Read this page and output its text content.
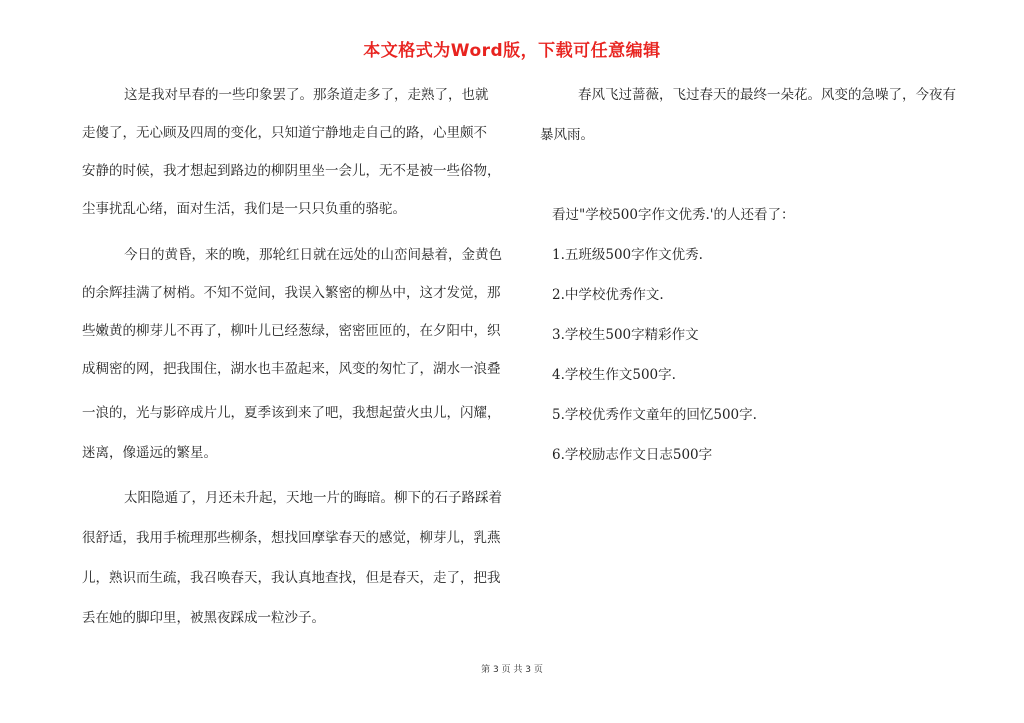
本文格式为Word版，下载可任意编辑
这是我对早春的一些印象罢了。那条道走多了，走熟了，也就
走傻了，无心顾及四周的变化，只知道宁静地走自己的路，心里颇不
安静的时候，我才想起到路边的柳阴里坐一会儿，无不是被一些俗物，
尘事扰乱心绪，面对生活，我们是一只只负重的骆驼。
今日的黄昏，来的晚，那轮红日就在远处的山峦间悬着，金黄色
的余辉挂满了树梢。不知不觉间，我误入繁密的柳丛中，这才发觉，那
些嫩黄的柳芽儿不再了，柳叶儿已经葱绿，密密匝匝的，在夕阳中，织
成稠密的网，把我围住，湖水也丰盈起来，风变的匆忙了，湖水一浪叠
一浪的，光与影碎成片儿，夏季该到来了吧，我想起萤火虫儿，闪耀，
迷离，像遥远的繁星。
太阳隐遁了，月还未升起，天地一片的晦暗。柳下的石子路踩着
很舒适，我用手梳理那些柳条，想找回摩挲春天的感觉，柳芽儿，乳燕
儿，熟识而生疏，我召唤春天，我认真地查找，但是春天，走了，把我
丢在她的脚印里，被黑夜踩成一粒沙子。
春风飞过蔷薇，飞过春天的最终一朵花。风变的急噪了，今夜有
暴风雨。
看过"学校500字作文优秀.'的人还看了：
1.五班级500字作文优秀.
2.中学校优秀作文.
3.学校生500字精彩作文
4.学校生作文500字.
5.学校优秀作文童年的回忆500字.
6.学校励志作文日志500字
第 3 页 共 3 页
